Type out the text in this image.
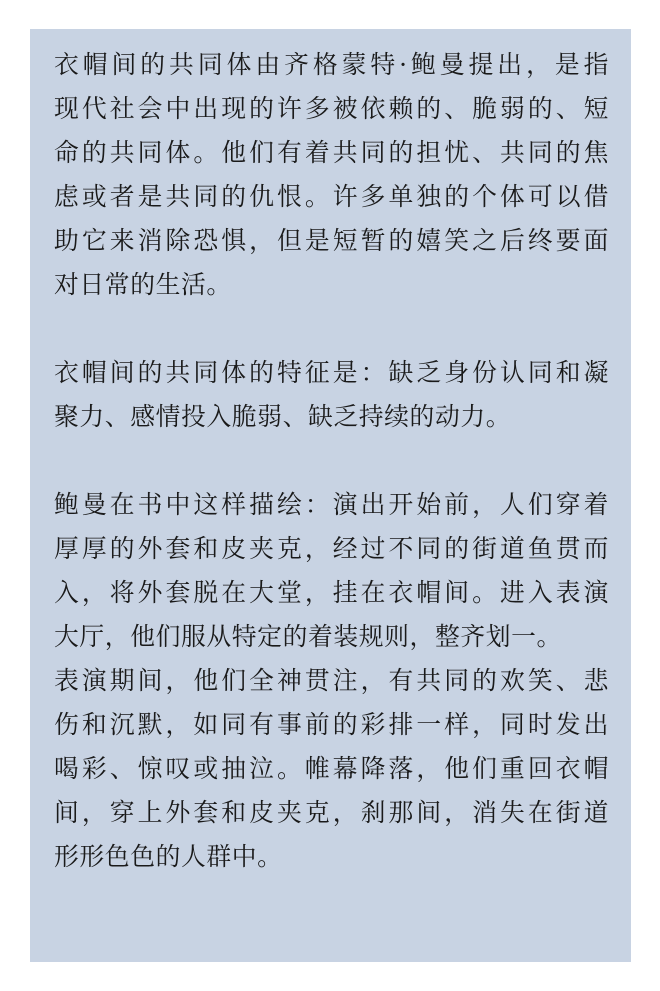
衣帽间的共同体由齐格蒙特·鲍曼提出，是指
现代社会中出现的许多被依赖的、脆弱的、短
命的共同体。他们有着共同的担忧、共同的焦
虑或者是共同的仇恨。许多单独的个体可以借
助它来消除恐惧，但是短暂的嬉笑之后终要面
对日常的生活。
衣帽间的共同体的特征是：缺乏身份认同和凝
聚力、感情投入脆弱、缺乏持续的动力。
鲍曼在书中这样描绘：演出开始前，人们穿着
厚厚的外套和皮夹克，经过不同的街道鱼贯而
入，将外套脱在大堂，挂在衣帽间。进入表演
大厅，他们服从特定的着装规则，整齐划一。
表演期间，他们全神贯注，有共同的欢笑、悲
伤和沉默，如同有事前的彩排一样，同时发出
喝彩、惊叹或抽泣。帷幕降落，他们重回衣帽
间，穿上外套和皮夹克，刹那间，消失在街道
形形色色的人群中。
